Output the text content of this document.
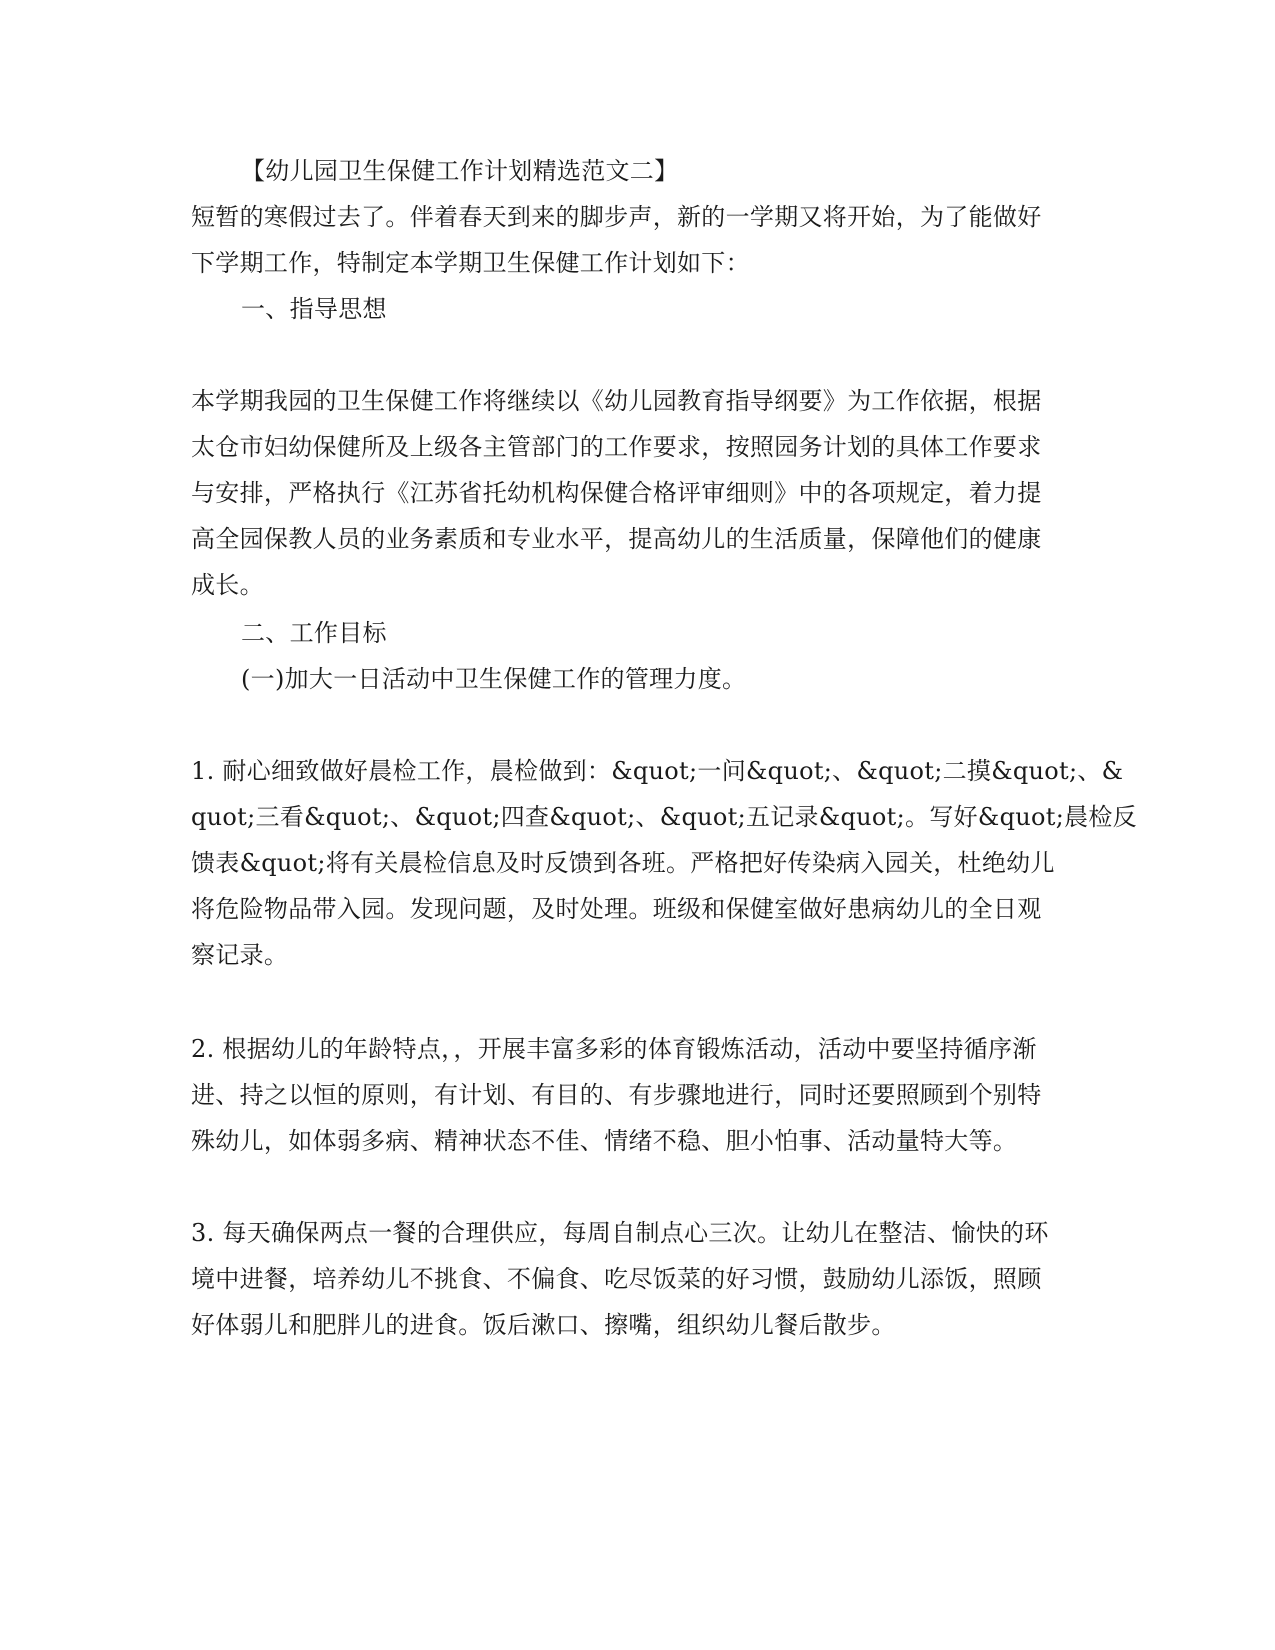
【幼儿园卫生保健工作计划精选范文二】
短暂的寒假过去了。伴着春天到来的脚步声，新的一学期又将开始，为了能做好
下学期工作，特制定本学期卫生保健工作计划如下：
一、指导思想
本学期我园的卫生保健工作将继续以《幼儿园教育指导纲要》为工作依据，根据
太仓市妇幼保健所及上级各主管部门的工作要求，按照园务计划的具体工作要求
与安排，严格执行《江苏省托幼机构保健合格评审细则》中的各项规定，着力提
高全园保教人员的业务素质和专业水平，提高幼儿的生活质量，保障他们的健康
成长。
二、工作目标
(一)加大一日活动中卫生保健工作的管理力度。
1. 耐心细致做好晨检工作，晨检做到：&quot;一问&quot;、&quot;二摸&quot;、&
quot;三看&quot;、&quot;四查&quot;、&quot;五记录&quot;。写好&quot;晨检反
馈表&quot;将有关晨检信息及时反馈到各班。严格把好传染病入园关，杜绝幼儿
将危险物品带入园。发现问题，及时处理。班级和保健室做好患病幼儿的全日观
察记录。
2. 根据幼儿的年龄特点，，开展丰富多彩的体育锻炼活动，活动中要坚持循序渐
进、持之以恒的原则，有计划、有目的、有步骤地进行，同时还要照顾到个别特
殊幼儿，如体弱多病、精神状态不佳、情绪不稳、胆小怕事、活动量特大等。
3. 每天确保两点一餐的合理供应，每周自制点心三次。让幼儿在整洁、愉快的环
境中进餐，培养幼儿不挑食、不偏食、吃尽饭菜的好习惯，鼓励幼儿添饭，照顾
好体弱儿和肥胖儿的进食。饭后漱口、擦嘴，组织幼儿餐后散步。
